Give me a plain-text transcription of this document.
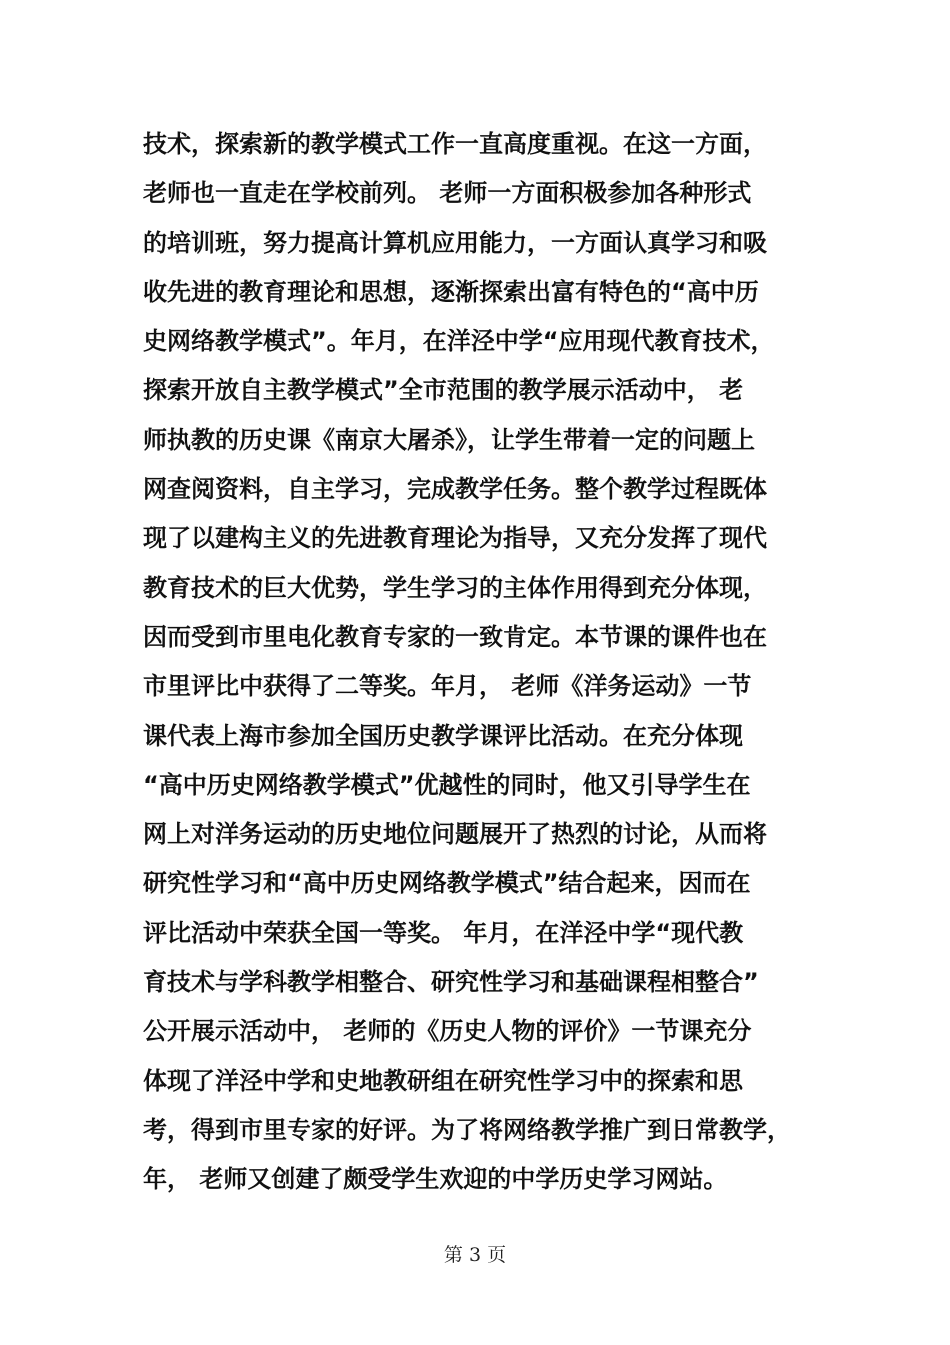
技术，探索新的教学模式工作一直高度重视。在这一方面，
老师也一直走在学校前列。 老师一方面积极参加各种形式
的培训班，努力提高计算机应用能力，一方面认真学习和吸
收先进的教育理论和思想，逐渐探索出富有特色的“高中历
史网络教学模式”。年月，在洋泾中学“应用现代教育技术，
探索开放自主教学模式”全市范围的教学展示活动中， 老
师执教的历史课《南京大屠杀》，让学生带着一定的问题上
网查阅资料，自主学习，完成教学任务。整个教学过程既体
现了以建构主义的先进教育理论为指导，又充分发挥了现代
教育技术的巨大优势，学生学习的主体作用得到充分体现，
因而受到市里电化教育专家的一致肯定。本节课的课件也在
市里评比中获得了二等奖。年月， 老师《洋务运动》一节
课代表上海市参加全国历史教学课评比活动。在充分体现
“高中历史网络教学模式”优越性的同时，他又引导学生在
网上对洋务运动的历史地位问题展开了热烈的讨论，从而将
研究性学习和“高中历史网络教学模式”结合起来，因而在
评比活动中荣获全国一等奖。 年月，在洋泾中学“现代教
育技术与学科教学相整合、研究性学习和基础课程相整合”
公开展示活动中， 老师的《历史人物的评价》一节课充分
体现了洋泾中学和史地教研组在研究性学习中的探索和思
考，得到市里专家的好评。为了将网络教学推广到日常教学，
年， 老师又创建了颇受学生欢迎的中学历史学习网站。
第 3 页
